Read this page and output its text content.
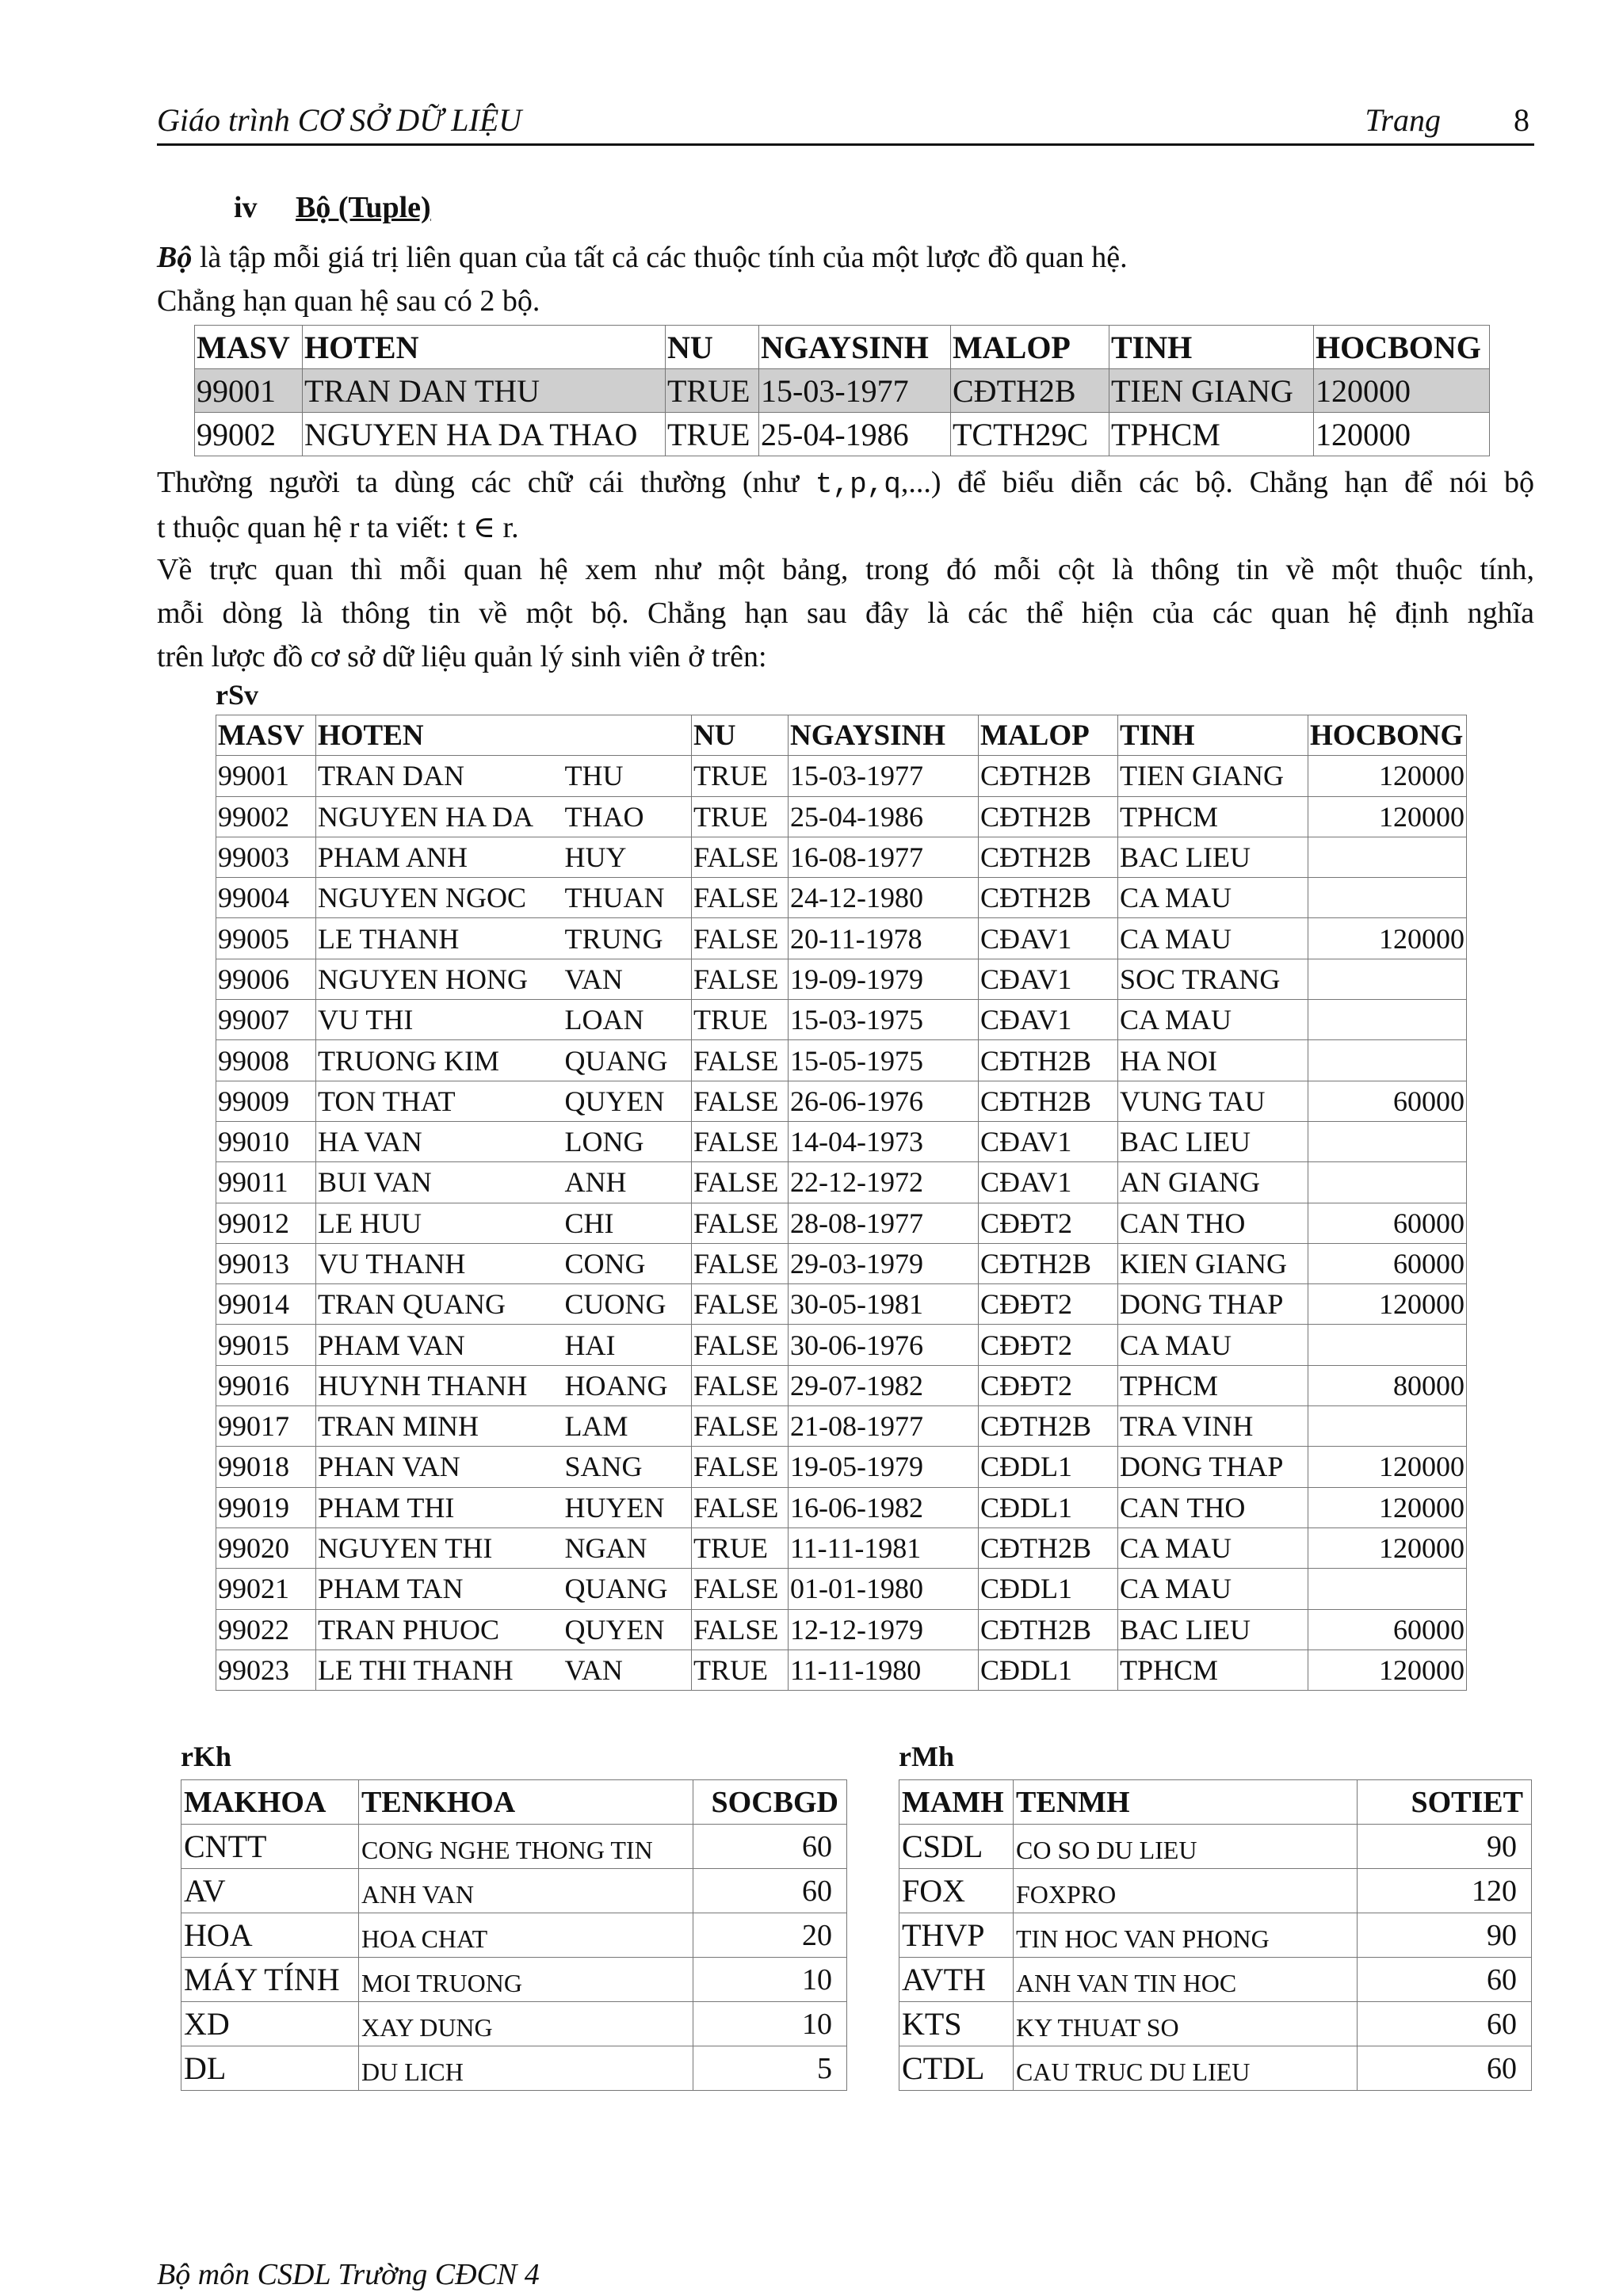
Giáo trình CƠ SỞ DỮ LIỆU	Trang 8
iv Bộ (Tuple)
Bộ là tập mỗi giá trị liên quan của tất cả các thuộc tính của một lược đồ quan hệ.
Chẳng hạn quan hệ sau có 2 bộ.
MASV	HOTEN	NU	NGAYSINH	MALOP	TINH	HOCBONG
99001	TRAN DAN THU	TRUE	15-03-1977	CĐTH2B	TIEN GIANG	120000
99002	NGUYEN HA DA THAO	TRUE	25-04-1986	TCTH29C	TPHCM	120000
Thường người ta dùng các chữ cái thường (như t,p,q,...) để biểu diễn các bộ. Chẳng hạn để nói bộ
t thuộc quan hệ r ta viết: t ∈ r.
Về trực quan thì mỗi quan hệ xem như một bảng, trong đó mỗi cột là thông tin về một thuộc tính,
mỗi dòng là thông tin về một bộ. Chẳng hạn sau đây là các thể hiện của các quan hệ định nghĩa
trên lược đồ cơ sở dữ liệu quản lý sinh viên ở trên:
rSv
MASV	HOTEN		NU	NGAYSINH	MALOP	TINH	HOCBONG
99001	TRAN DAN	THU	TRUE	15-03-1977	CĐTH2B	TIEN GIANG	120000
99002	NGUYEN HA DA	THAO	TRUE	25-04-1986	CĐTH2B	TPHCM	120000
99003	PHAM ANH	HUY	FALSE	16-08-1977	CĐTH2B	BAC LIEU	
99004	NGUYEN NGOC	THUAN	FALSE	24-12-1980	CĐTH2B	CA MAU	
99005	LE THANH	TRUNG	FALSE	20-11-1978	CĐAV1	CA MAU	120000
99006	NGUYEN HONG	VAN	FALSE	19-09-1979	CĐAV1	SOC TRANG	
99007	VU THI	LOAN	TRUE	15-03-1975	CĐAV1	CA MAU	
99008	TRUONG KIM	QUANG	FALSE	15-05-1975	CĐTH2B	HA NOI	
99009	TON THAT	QUYEN	FALSE	26-06-1976	CĐTH2B	VUNG TAU	60000
99010	HA VAN	LONG	FALSE	14-04-1973	CĐAV1	BAC LIEU	
99011	BUI VAN	ANH	FALSE	22-12-1972	CĐAV1	AN GIANG	
99012	LE HUU	CHI	FALSE	28-08-1977	CĐĐT2	CAN THO	60000
99013	VU THANH	CONG	FALSE	29-03-1979	CĐTH2B	KIEN GIANG	60000
99014	TRAN QUANG	CUONG	FALSE	30-05-1981	CĐĐT2	DONG THAP	120000
99015	PHAM VAN	HAI	FALSE	30-06-1976	CĐĐT2	CA MAU	
99016	HUYNH THANH	HOANG	FALSE	29-07-1982	CĐĐT2	TPHCM	80000
99017	TRAN MINH	LAM	FALSE	21-08-1977	CĐTH2B	TRA VINH	
99018	PHAN VAN	SANG	FALSE	19-05-1979	CĐDL1	DONG THAP	120000
99019	PHAM THI	HUYEN	FALSE	16-06-1982	CĐDL1	CAN THO	120000
99020	NGUYEN THI	NGAN	TRUE	11-11-1981	CĐTH2B	CA MAU	120000
99021	PHAM TAN	QUANG	FALSE	01-01-1980	CĐDL1	CA MAU	
99022	TRAN PHUOC	QUYEN	FALSE	12-12-1979	CĐTH2B	BAC LIEU	60000
99023	LE THI THANH	VAN	TRUE	11-11-1980	CĐDL1	TPHCM	120000
rKh
MAKHOA	TENKHOA	SOCBGD
CNTT	CONG NGHE THONG TIN	60
AV	ANH VAN	60
HOA	HOA CHAT	20
MÁY TÍNH	MOI TRUONG	10
XD	XAY DUNG	10
DL	DU LICH	5
rMh
MAMH	TENMH	SOTIET
CSDL	CO SO DU LIEU	90
FOX	FOXPRO	120
THVP	TIN HOC VAN PHONG	90
AVTH	ANH VAN TIN HOC	60
KTS	KY THUAT SO	60
CTDL	CAU TRUC DU LIEU	60
Bộ môn CSDL Trường CĐCN 4
